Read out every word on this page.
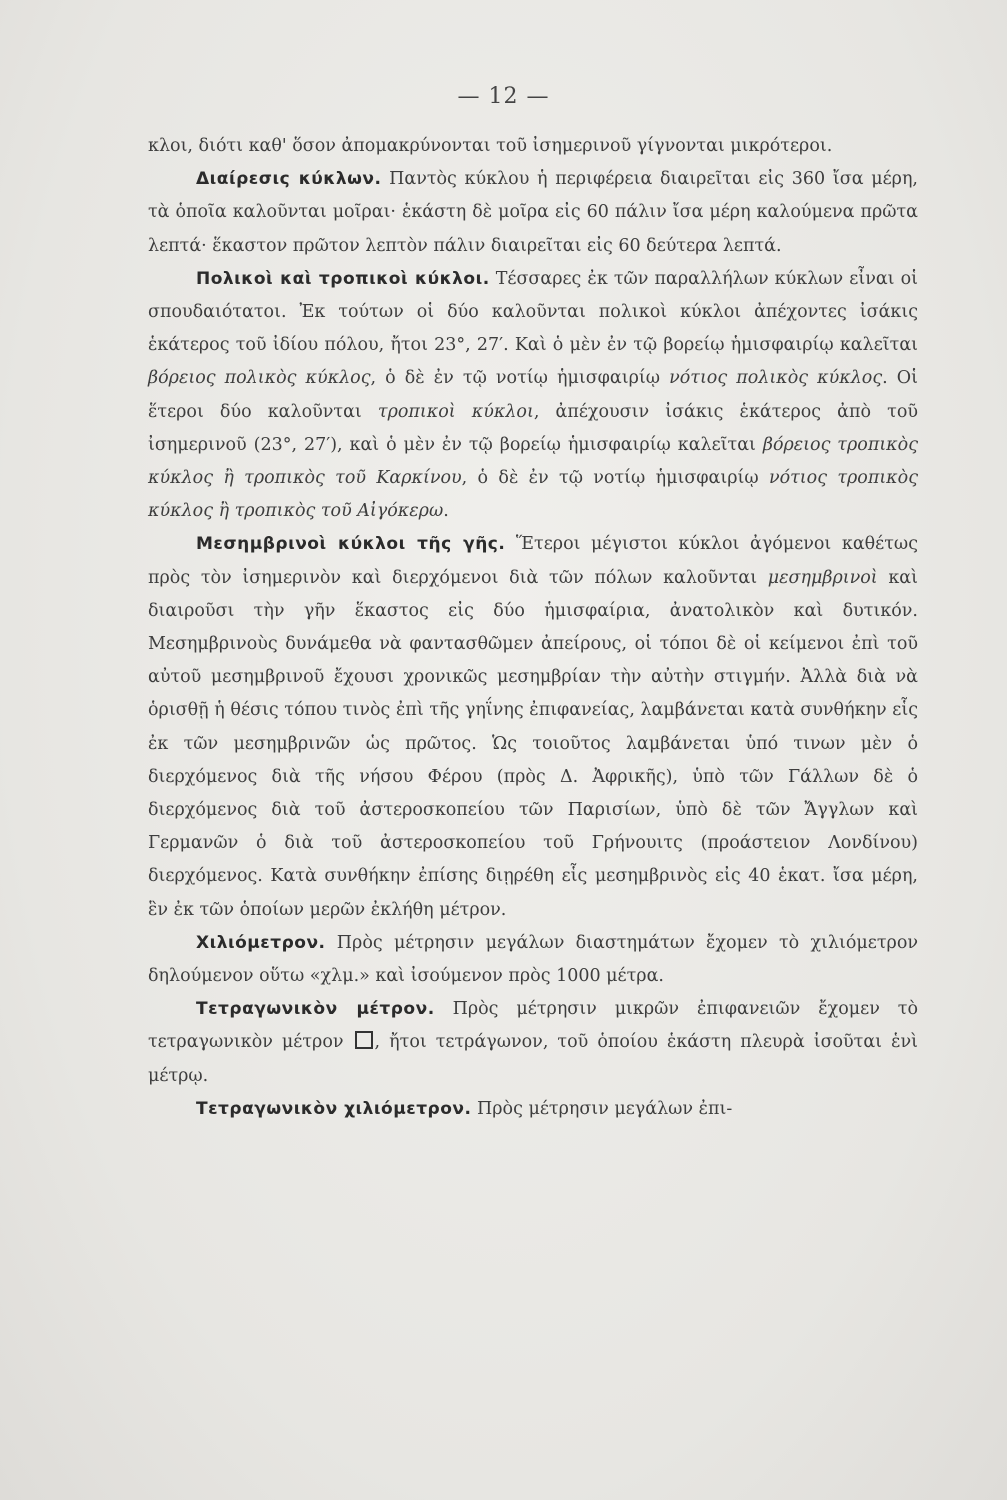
— 12 —

κλοι, διότι καθ' ὅσον ἀπομακρύνονται τοῦ ἰσημερινοῦ γίγνονται μικρότεροι.

Διαίρεσις κύκλων. Παντὸς κύκλου ἡ περιφέρεια διαιρεῖται εἰς 360 ἴσα μέρη, τὰ ὁποῖα καλοῦνται μοῖραι· ἑκάστη δὲ μοῖρα εἰς 60 πάλιν ἴσα μέρη καλούμενα πρῶτα λεπτά· ἕκαστον πρῶτον λεπτὸν πάλιν διαιρεῖται εἰς 60 δεύτερα λεπτά.

Πολικοὶ καὶ τροπικοὶ κύκλοι. Τέσσαρες ἐκ τῶν παραλλήλων κύκλων εἶναι οἱ σπουδαιότατοι. Ἐκ τούτων οἱ δύο καλοῦνται πολικοὶ κύκλοι ἀπέχοντες ἰσάκις ἑκάτερος τοῦ ἰδίου πόλου, ἤτοι 23°, 27′. Καὶ ὁ μὲν ἐν τῷ βορείῳ ἡμισφαιρίῳ καλεῖται βόρειος πολικὸς κύκλος, ὁ δὲ ἐν τῷ νοτίῳ ἡμισφαιρίῳ νότιος πολικὸς κύκλος. Οἱ ἕτεροι δύο καλοῦνται τροπικοὶ κύκλοι, ἀπέχουσιν ἰσάκις ἑκάτερος ἀπὸ τοῦ ἰσημερινοῦ (23°, 27′), καὶ ὁ μὲν ἐν τῷ βορείῳ ἡμισφαιρίῳ καλεῖται βόρειος τροπικὸς κύκλος ἢ τροπικὸς τοῦ Καρκίνου, ὁ δὲ ἐν τῷ νοτίῳ ἡμισφαιρίῳ νότιος τροπικὸς κύκλος ἢ τροπικὸς τοῦ Αἰγόκερω.

Μεσημβρινοὶ κύκλοι τῆς γῆς. Ἕτεροι μέγιστοι κύκλοι ἀγόμενοι καθέτως πρὸς τὸν ἰσημερινὸν καὶ διερχόμενοι διὰ τῶν πόλων καλοῦνται μεσημβρινοὶ καὶ διαιροῦσι τὴν γῆν ἕκαστος εἰς δύο ἡμισφαίρια, ἀνατολικὸν καὶ δυτικόν. Μεσημβρινοὺς δυνάμεθα νὰ φαντασθῶμεν ἀπείρους, οἱ τόποι δὲ οἱ κείμενοι ἐπὶ τοῦ αὐτοῦ μεσημβρινοῦ ἔχουσι χρονικῶς μεσημβρίαν τὴν αὐτὴν στιγμήν. Ἀλλὰ διὰ νὰ ὁρισθῇ ἡ θέσις τόπου τινὸς ἐπὶ τῆς γηΐνης ἐπιφανείας, λαμβάνεται κατὰ συνθήκην εἷς ἐκ τῶν μεσημβρινῶν ὡς πρῶτος. Ὡς τοιοῦτος λαμβάνεται ὑπό τινων μὲν ὁ διερχόμενος διὰ τῆς νήσου Φέρου (πρὸς Δ. Ἀφρικῆς), ὑπὸ τῶν Γάλλων δὲ ὁ διερχόμενος διὰ τοῦ ἀστεροσκοπείου τῶν Παρισίων, ὑπὸ δὲ τῶν Ἄγγλων καὶ Γερμανῶν ὁ διὰ τοῦ ἀστεροσκοπείου τοῦ Γρήνουιτς (προάστειον Λονδίνου) διερχόμενος. Κατὰ συνθήκην ἐπίσης διῃρέθη εἷς μεσημβρινὸς εἰς 40 ἑκατ. ἴσα μέρη, ἓν ἐκ τῶν ὁποίων μερῶν ἐκλήθη μέτρον.

Χιλιόμετρον. Πρὸς μέτρησιν μεγάλων διαστημάτων ἔχομεν τὸ χιλιόμετρον δηλούμενον οὕτω «χλμ.» καὶ ἰσούμενον πρὸς 1000 μέτρα.

Τετραγωνικὸν μέτρον. Πρὸς μέτρησιν μικρῶν ἐπιφανειῶν ἔχομεν τὸ τετραγωνικὸν μέτρον , ἤτοι τετράγωνον, τοῦ ὁποίου ἑκάστη πλευρὰ ἰσοῦται ἑνὶ μέτρῳ.

Τετραγωνικὸν χιλιόμετρον. Πρὸς μέτρησιν μεγάλων ἐπι-
